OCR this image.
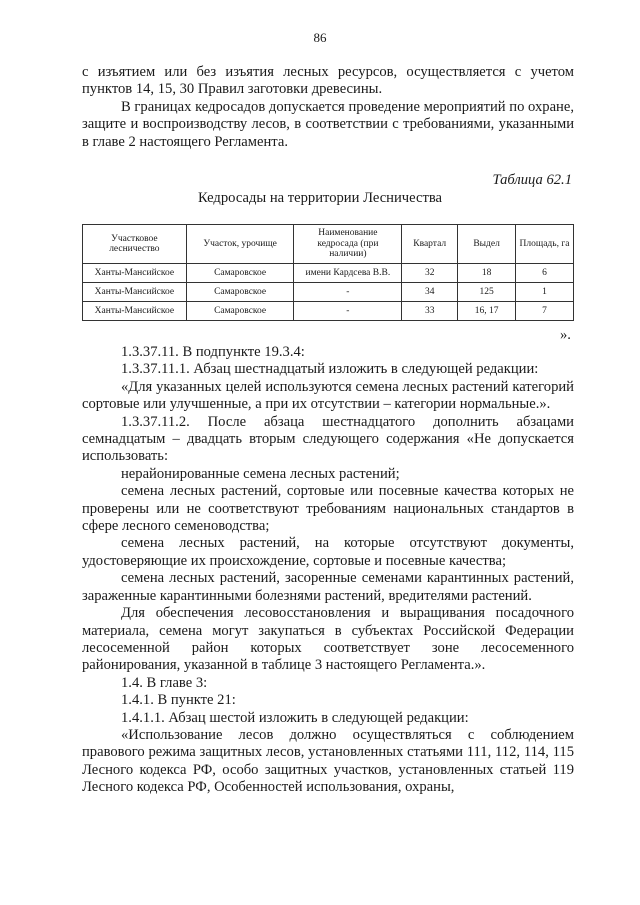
86

с изъятием или без изъятия лесных ресурсов, осуществляется с учетом пунктов 14, 15, 30 Правил заготовки древесины.

В границах кедросадов допускается проведение мероприятий по охране, защите и воспроизводству лесов, в соответствии с требованиями, указанными в главе 2 настоящего Регламента.

Таблица 62.1
Кедросады на территории Лесничества
Участковое лесничество	Участок, урочище	Наименование кедросада (при наличии)	Квартал	Выдел	Площадь, га
Ханты-Мансийское	Самаровское	имени Кардсева В.В.	32	18	6
Ханты-Мансийское	Самаровское	-	34	125	1
Ханты-Мансийское	Самаровское	-	33	16, 17	7
».

1.3.37.11. В подпункте 19.3.4:

1.3.37.11.1. Абзац шестнадцатый изложить в следующей редакции:

«Для указанных целей используются семена лесных растений категорий сортовые или улучшенные, а при их отсутствии – категории нормальные.».

1.3.37.11.2. После абзаца шестнадцатого дополнить абзацами семнадцатым – двадцать вторым следующего содержания «Не допускается использовать:

нерайонированные семена лесных растений;

семена лесных растений, сортовые или посевные качества которых не проверены или не соответствуют требованиям национальных стандартов в сфере лесного семеноводства;

семена лесных растений, на которые отсутствуют документы, удостоверяющие их происхождение, сортовые и посевные качества;

семена лесных растений, засоренные семенами карантинных растений, зараженные карантинными болезнями растений, вредителями растений.

Для обеспечения лесовосстановления и выращивания посадочного материала, семена могут закупаться в субъектах Российской Федерации лесосеменной район которых соответствует зоне лесосеменного районирования, указанной в таблице 3 настоящего Регламента.».

1.4. В главе 3:

1.4.1. В пункте 21:

1.4.1.1. Абзац шестой изложить в следующей редакции:

«Использование лесов должно осуществляться с соблюдением правового режима защитных лесов, установленных статьями 111, 112, 114, 115 Лесного кодекса РФ, особо защитных участков, установленных статьей 119 Лесного кодекса РФ, Особенностей использования, охраны,
